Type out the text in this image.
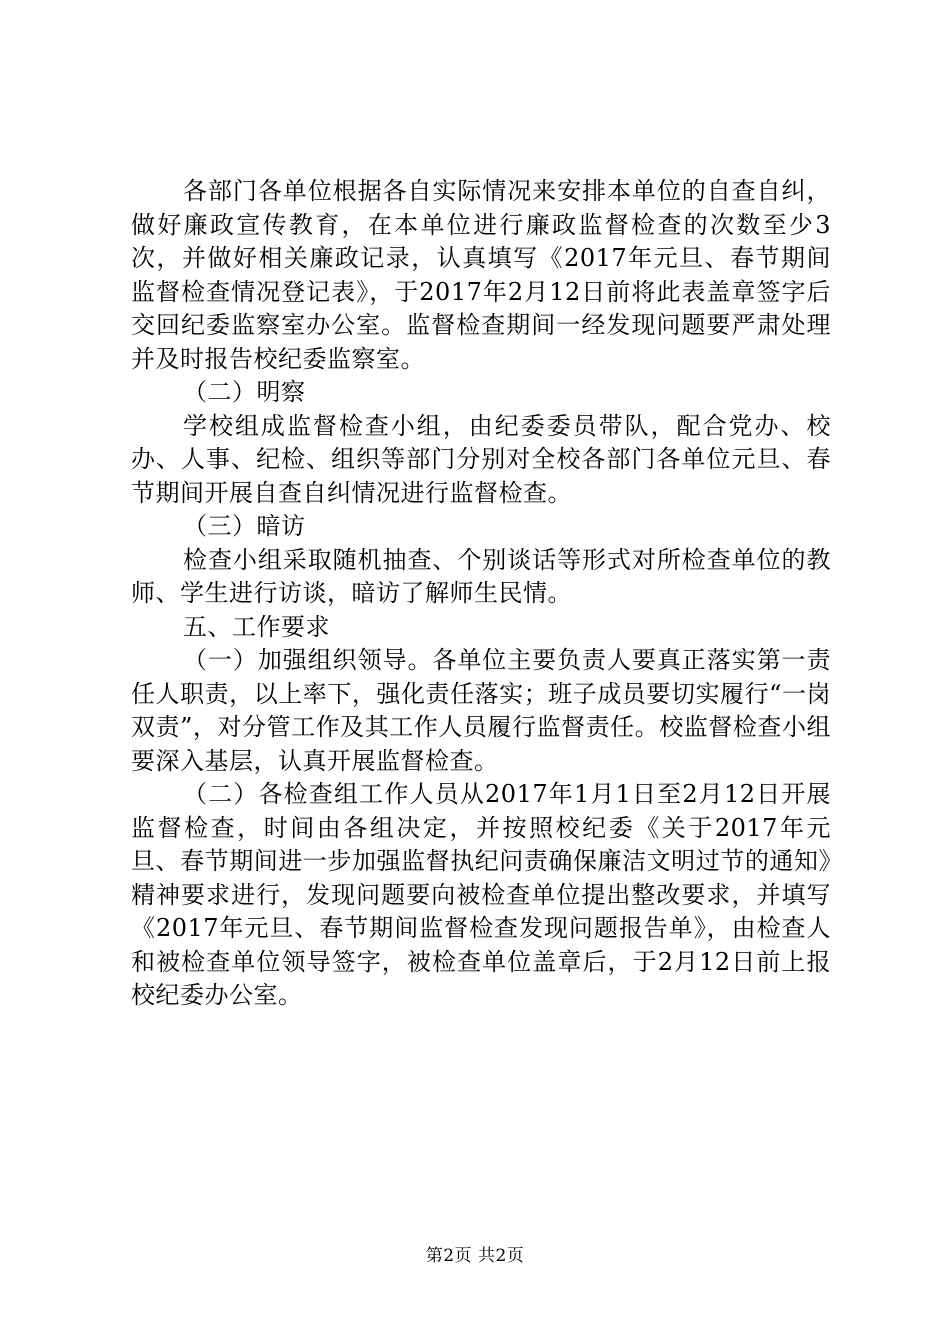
各部门各单位根据各自实际情况来安排本单位的自查自纠，做好廉政宣传教育，在本单位进行廉政监督检查的次数至少3次，并做好相关廉政记录，认真填写《2017年元旦、春节期间监督检查情况登记表》，于2017年2月12日前将此表盖章签字后交回纪委监察室办公室。监督检查期间一经发现问题要严肃处理并及时报告校纪委监察室。

（二）明察

学校组成监督检查小组，由纪委委员带队，配合党办、校办、人事、纪检、组织等部门分别对全校各部门各单位元旦、春节期间开展自查自纠情况进行监督检查。

（三）暗访

检查小组采取随机抽查、个别谈话等形式对所检查单位的教师、学生进行访谈，暗访了解师生民情。

五、工作要求

（一）加强组织领导。各单位主要负责人要真正落实第一责任人职责，以上率下，强化责任落实；班子成员要切实履行“一岗双责”，对分管工作及其工作人员履行监督责任。校监督检查小组要深入基层，认真开展监督检查。

（二）各检查组工作人员从2017年1月1日至2月12日开展监督检查，时间由各组决定，并按照校纪委《关于2017年元旦、春节期间进一步加强监督执纪问责确保廉洁文明过节的通知》精神要求进行，发现问题要向被检查单位提出整改要求，并填写《2017年元旦、春节期间监督检查发现问题报告单》，由检查人和被检查单位领导签字，被检查单位盖章后，于2月12日前上报校纪委办公室。

第2页 共2页
